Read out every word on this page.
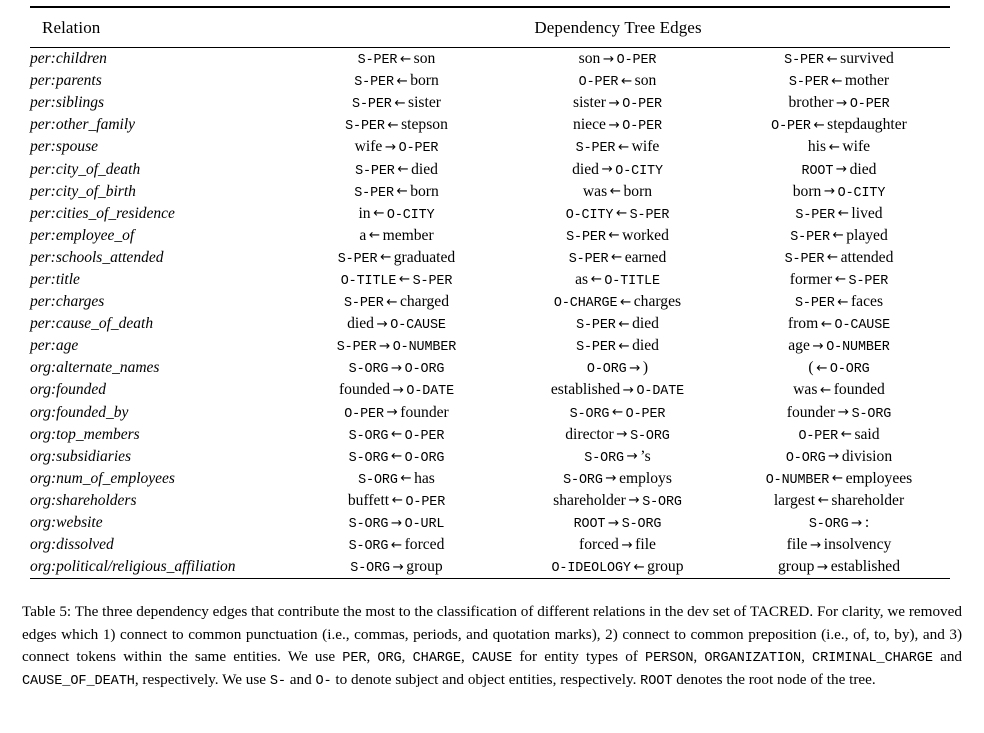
Relation	Dependency Tree Edges		

per:children	S-PER ← son	son → O-PER	S-PER ← survived
per:parents	S-PER ← born	O-PER ← son	S-PER ← mother
per:siblings	S-PER ← sister	sister → O-PER	brother → O-PER
per:other_family	S-PER ← stepson	niece → O-PER	O-PER ← stepdaughter
per:spouse	wife → O-PER	S-PER ← wife	his ← wife
per:city_of_death	S-PER ← died	died → O-CITY	ROOT → died
per:city_of_birth	S-PER ← born	was ← born	born → O-CITY
per:cities_of_residence	in ← O-CITY	O-CITY ← S-PER	S-PER ← lived
per:employee_of	a ← member	S-PER ← worked	S-PER ← played
per:schools_attended	S-PER ← graduated	S-PER ← earned	S-PER ← attended
per:title	O-TITLE ← S-PER	as ← O-TITLE	former ← S-PER
per:charges	S-PER ← charged	O-CHARGE ← charges	S-PER ← faces
per:cause_of_death	died → O-CAUSE	S-PER ← died	from ← O-CAUSE
per:age	S-PER → O-NUMBER	S-PER ← died	age → O-NUMBER
org:alternate_names	S-ORG → O-ORG	O-ORG → )	( ← O-ORG
org:founded	founded → O-DATE	established → O-DATE	was ← founded
org:founded_by	O-PER → founder	S-ORG ← O-PER	founder → S-ORG
org:top_members	S-ORG ← O-PER	director → S-ORG	O-PER ← said
org:subsidiaries	S-ORG ← O-ORG	S-ORG → ’s	O-ORG → division
org:num_of_employees	S-ORG ← has	S-ORG → employs	O-NUMBER ← employees
org:shareholders	buffett ← O-PER	shareholder → S-ORG	largest ← shareholder
org:website	S-ORG → O-URL	ROOT → S-ORG	S-ORG → :
org:dissolved	S-ORG ← forced	forced → file	file → insolvency
org:political/religious_affiliation	S-ORG → group	O-IDEOLOGY ← group	group → established

Table 5: The three dependency edges that contribute the most to the classification of different relations in the dev set of TACRED. For clarity, we removed edges which 1) connect to common punctuation (i.e., commas, periods, and quotation marks), 2) connect to common preposition (i.e., of, to, by), and 3) connect tokens within the same entities. We use PER, ORG, CHARGE, CAUSE for entity types of PERSON, ORGANIZATION, CRIMINAL_CHARGE and CAUSE_OF_DEATH, respectively. We use S- and O- to denote subject and object entities, respectively. ROOT denotes the root node of the tree.
